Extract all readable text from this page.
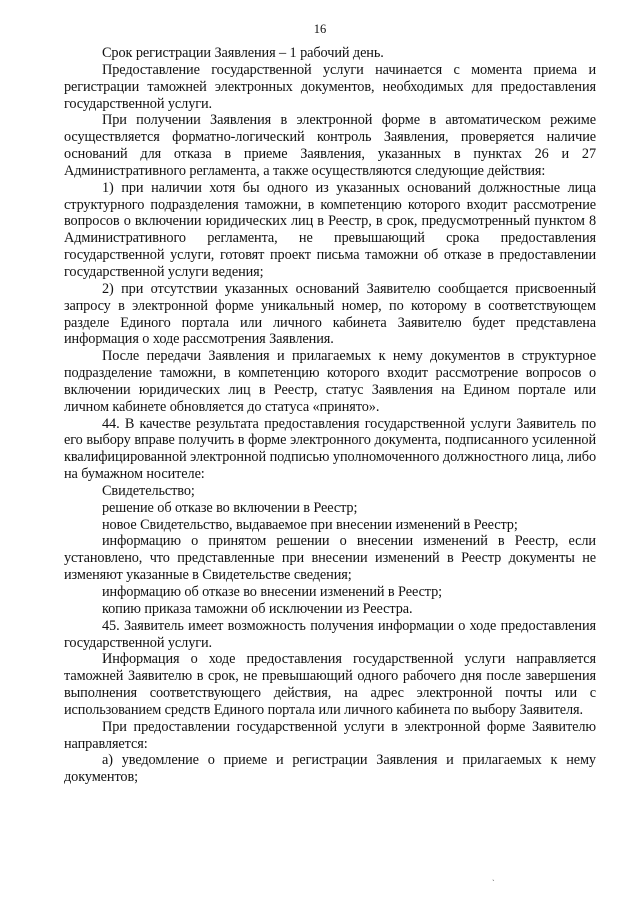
16

Срок регистрации Заявления – 1 рабочий день.

Предоставление государственной услуги начинается с момента приема и регистрации таможней электронных документов, необходимых для предоставления государственной услуги.

При получении Заявления в электронной форме в автоматическом режиме осуществляется форматно-логический контроль Заявления, проверяется наличие оснований для отказа в приеме Заявления, указанных в пунктах 26 и 27 Административного регламента, а также осуществляются следующие действия:

1) при наличии хотя бы одного из указанных оснований должностные лица структурного подразделения таможни, в компетенцию которого входит рассмотрение вопросов о включении юридических лиц в Реестр, в срок, предусмотренный пунктом 8 Административного регламента, не превышающий срока предоставления государственной услуги, готовят проект письма таможни об отказе в предоставлении государственной услуги ведения;

2) при отсутствии указанных оснований Заявителю сообщается присвоенный запросу в электронной форме уникальный номер, по которому в соответствующем разделе Единого портала или личного кабинета Заявителю будет представлена информация о ходе рассмотрения Заявления.

После передачи Заявления и прилагаемых к нему документов в структурное подразделение таможни, в компетенцию которого входит рассмотрение вопросов о включении юридических лиц в Реестр, статус Заявления на Едином портале или личном кабинете обновляется до статуса «принято».

44. В качестве результата предоставления государственной услуги Заявитель по его выбору вправе получить в форме электронного документа, подписанного усиленной квалифицированной электронной подписью уполномоченного должностного лица, либо на бумажном носителе:

Свидетельство;

решение об отказе во включении в Реестр;

новое Свидетельство, выдаваемое при внесении изменений в Реестр;

информацию о принятом решении о внесении изменений в Реестр, если установлено, что представленные при внесении изменений в Реестр документы не изменяют указанные в Свидетельстве сведения;

информацию об отказе во внесении изменений в Реестр;

копию приказа таможни об исключении из Реестра.

45. Заявитель имеет возможность получения информации о ходе предоставления государственной услуги.

Информация о ходе предоставления государственной услуги направляется таможней Заявителю в срок, не превышающий одного рабочего дня после завершения выполнения соответствующего действия, на адрес электронной почты или с использованием средств Единого портала или личного кабинета по выбору Заявителя.

При предоставлении государственной услуги в электронной форме Заявителю направляется:

а) уведомление о приеме и регистрации Заявления и прилагаемых к нему документов;

ˎ
